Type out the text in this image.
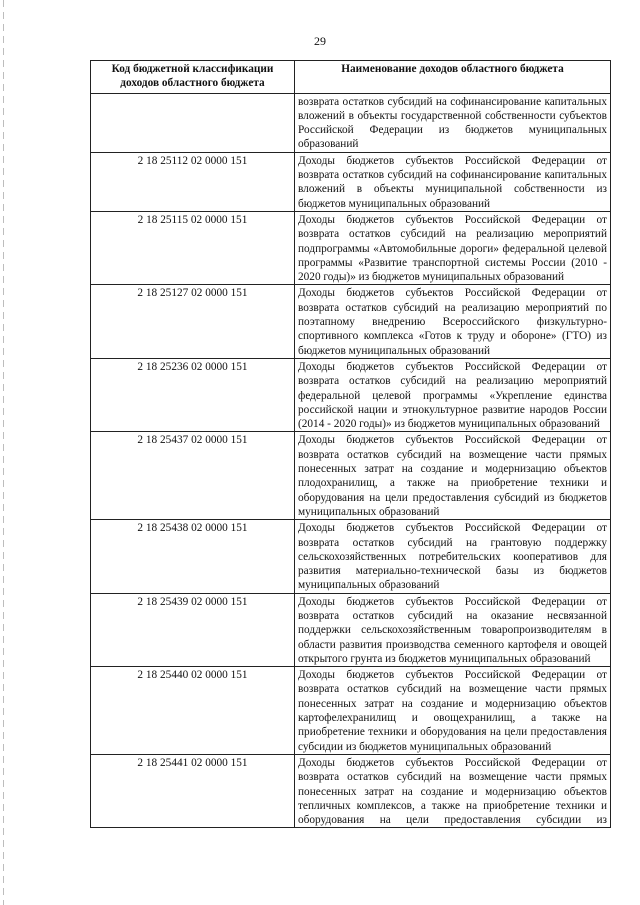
29
Код бюджетной классификации доходов областного бюджета	Наименование доходов областного бюджета
	возврата остатков субсидий на софинансирование капитальных вложений в объекты государственной собственности субъектов Российской Федерации из бюджетов муниципальных образований
2 18 25112 02 0000 151	Доходы бюджетов субъектов Российской Федерации от возврата остатков субсидий на софинансирование капитальных вложений в объекты муниципальной собственности из бюджетов муниципальных образований
2 18 25115 02 0000 151	Доходы бюджетов субъектов Российской Федерации от возврата остатков субсидий на реализацию мероприятий подпрограммы «Автомобильные дороги» федеральной целевой программы «Развитие транспортной системы России (2010 - 2020 годы)» из бюджетов муниципальных образований
2 18 25127 02 0000 151	Доходы бюджетов субъектов Российской Федерации от возврата остатков субсидий на реализацию мероприятий по поэтапному внедрению Всероссийского физкультурно-спортивного комплекса «Готов к труду и обороне» (ГТО) из бюджетов муниципальных образований
2 18 25236 02 0000 151	Доходы бюджетов субъектов Российской Федерации от возврата остатков субсидий на реализацию мероприятий федеральной целевой программы «Укрепление единства российской нации и этнокультурное развитие народов России (2014 - 2020 годы)» из бюджетов муниципальных образований
2 18 25437 02 0000 151	Доходы бюджетов субъектов Российской Федерации от возврата остатков субсидий на возмещение части прямых понесенных затрат на создание и модернизацию объектов плодохранилищ, а также на приобретение техники и оборудования на цели предоставления субсидий из бюджетов муниципальных образований
2 18 25438 02 0000 151	Доходы бюджетов субъектов Российской Федерации от возврата остатков субсидий на грантовую поддержку сельскохозяйственных потребительских кооперативов для развития материально-технической базы из бюджетов муниципальных образований
2 18 25439 02 0000 151	Доходы бюджетов субъектов Российской Федерации от возврата остатков субсидий на оказание несвязанной поддержки сельскохозяйственным товаропроизводителям в области развития производства семенного картофеля и овощей открытого грунта из бюджетов муниципальных образований
2 18 25440 02 0000 151	Доходы бюджетов субъектов Российской Федерации от возврата остатков субсидий на возмещение части прямых понесенных затрат на создание и модернизацию объектов картофелехранилищ и овощехранилищ, а также на приобретение техники и оборудования на цели предоставления субсидии из бюджетов муниципальных образований
2 18 25441 02 0000 151	Доходы бюджетов субъектов Российской Федерации от возврата остатков субсидий на возмещение части прямых понесенных затрат на создание и модернизацию объектов тепличных комплексов, а также на приобретение техники и оборудования на цели предоставления субсидии из
